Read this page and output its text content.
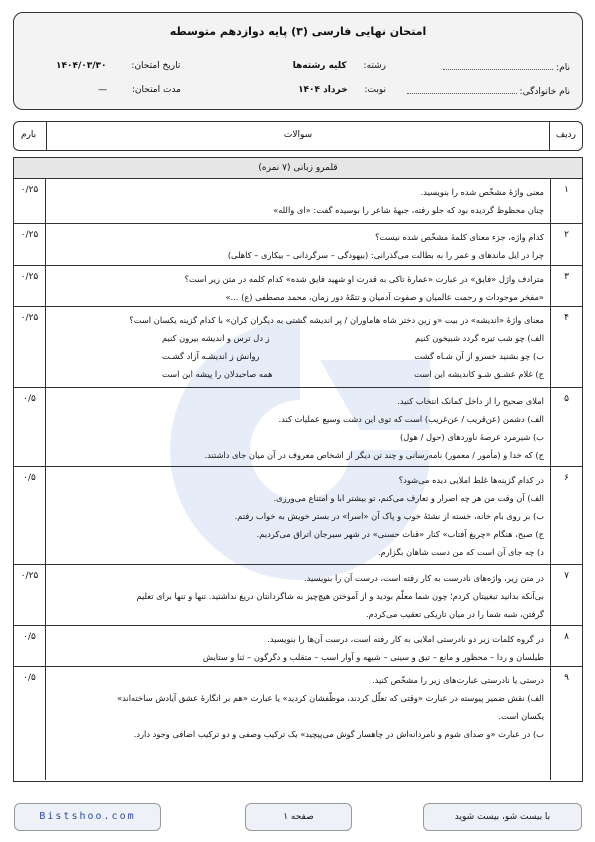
امتحان نهایی فارسی (۳) پایه دوازدهم متوسطه
نام:
نام خانوادگی:
رشته: کلیه رشته‌ها
نوبت: خرداد ۱۴۰۴
تاریخ امتحان: ۱۴۰۴/۰۳/۳۰
مدت امتحان: —
ردیف
سوالات
بارم
قلمرو زبانی (۷ نمره)
۱
معنی واژهٔ مشخّص شده را بنویسید.
چنان محظوظ گردیده بود که جلو رفته، جبههٔ شاعر را بوسیده گفت: «ای والله»
۰/۲۵
۲
کدام واژه، جزء معنای کلمهٔ مشخّص شده نیست؟
چرا در ایل ماندهای و عمر را به بطالت می‌گذرانی: (بیهودگی – سرگردانی – بیکاری – کاهلی)
۰/۲۵
۳
مترادف واژل «فایق» در عبارت «عمارهٔ تاکی به قدرت او شهید فایق شده» کدام کلمه در متن زیر است؟
«مفخر موجودات و رحمت عالمیان و صفوت آدمیان و تتمّهٔ دور زمان، محمد مصطفی (ع) ...»
۰/۲۵
۴
معنای واژهٔ «اندیشه» در بیت «و زین دختر شاه هاماوران / پر اندیشه گشتی به دیگران کران» با کدام گزینه یکسان است؟
الف) چو شب تیره گردد شبیخون کنیم
ز دل ترس و اندیشه بیرون کنیم
ب) چو بشنید خسرو از آن شـاه گشت
روانش ز اندیشـه آزاد گشـت
ج) غلام عشـق شـو کاندیشه این است
همه صاحبدلان را پیشه این است
۰/۲۵
۵
املای صحیح را از داخل کمانک انتخاب کنید.
الف) دشمن (عن‌قریب / عن‌غریب) است که توی این دشت وسیع عملیات کند.
ب) شیرمرد عرصهٔ ناوردهای (حول / هول)
ج) که خدا و (مأمور / معمور) نامه‌رسانی و چند تن دیگر از اشخاص معروف در آن میان جای داشتند.
۰/۵
۶
در کدام گزینه‌ها غلط املایی دیده می‌شود؟
الف) آن وقت من هر چه اصرار و تعارف می‌کنم، تو بیشتر ابا و امتناع می‌ورزی.
ب) بر روی بام خانه، خسته از نشئهٔ خوب و پاک آن «اسرا» در بستر خویش به خواب رفتم.
ج) صبح، هنگام «چریغ آفتاب» کنار «قنات حسنی» در شهر سیرجان اتراق می‌کردیم.
د) چه جای آن است که من دست شاهان بگزارم.
۰/۵
۷
در متن زیر، واژه‌های نادرست به کار رفته است، درست آن را بنویسید.
بی‌آنکه بدانید تبغییتان کردم؛ چون شما معلّم بودید و از آموختن هیچ‌چیز به شاگردانتان دریغ نداشتید. تنها و تنها برای تعلیم
گرفتن، شبه شما را در میان تاریکی تعقیب می‌کردم.
۰/۲۵
۸
در گروه کلمات زیر دو نادرستی املایی به کار رفته است، درست آن‌ها را بنویسید.
طیلسان و ردا – محظور و مانع – تیق و سینی – شیهه و آوار اسب – متقلب و دگرگون – ثنا و ستایش
۰/۵
۹
درستی یا نادرستی عبارت‌های زیر را مشخّص کنید.
الف) نقش ضمیر پیوسته در عبارت «وقتی که تعلّل کردند، موظّفشان کردید» یا عبارت «هم بر انگارهٔ عشق آیادش ساخته‌اند»
یکسان است.
ب) در عبارت «و صدای شوم و نامردانه‌اش در چاهسار گوش می‌پیچید» یک ترکیب وصفی و دو ترکیب اضافی وجود دارد.
۰/۵
Bistshoo.com	صفحه ۱	با بیست شو، بیست شوید
